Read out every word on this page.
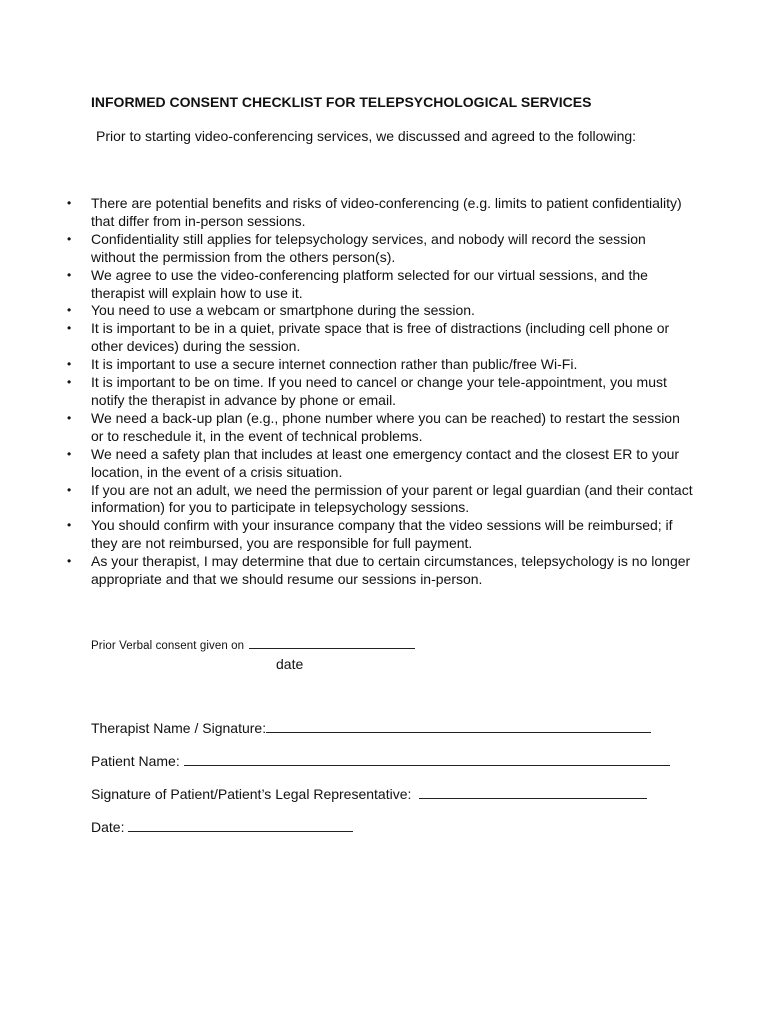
INFORMED CONSENT CHECKLIST FOR TELEPSYCHOLOGICAL SERVICES
Prior to starting video-conferencing services, we discussed and agreed to the following:
• There are potential benefits and risks of video-conferencing (e.g. limits to patient confidentiality) that differ from in-person sessions.
• Confidentiality still applies for telepsychology services, and nobody will record the session without the permission from the others person(s).
• We agree to use the video-conferencing platform selected for our virtual sessions, and the therapist will explain how to use it.
• You need to use a webcam or smartphone during the session.
• It is important to be in a quiet, private space that is free of distractions (including cell phone or other devices) during the session.
• It is important to use a secure internet connection rather than public/free Wi-Fi.
• It is important to be on time. If you need to cancel or change your tele-appointment, you must notify the therapist in advance by phone or email.
• We need a back-up plan (e.g., phone number where you can be reached) to restart the session or to reschedule it, in the event of technical problems.
• We need a safety plan that includes at least one emergency contact and the closest ER to your location, in the event of a crisis situation.
• If you are not an adult, we need the permission of your parent or legal guardian (and their contact information) for you to participate in telepsychology sessions.
• You should confirm with your insurance company that the video sessions will be reimbursed; if they are not reimbursed, you are responsible for full payment.
• As your therapist, I may determine that due to certain circumstances, telepsychology is no longer appropriate and that we should resume our sessions in-person.
Prior Verbal consent given on
date
Therapist Name / Signature:
Patient Name:
Signature of Patient/Patient’s Legal Representative:
Date:
